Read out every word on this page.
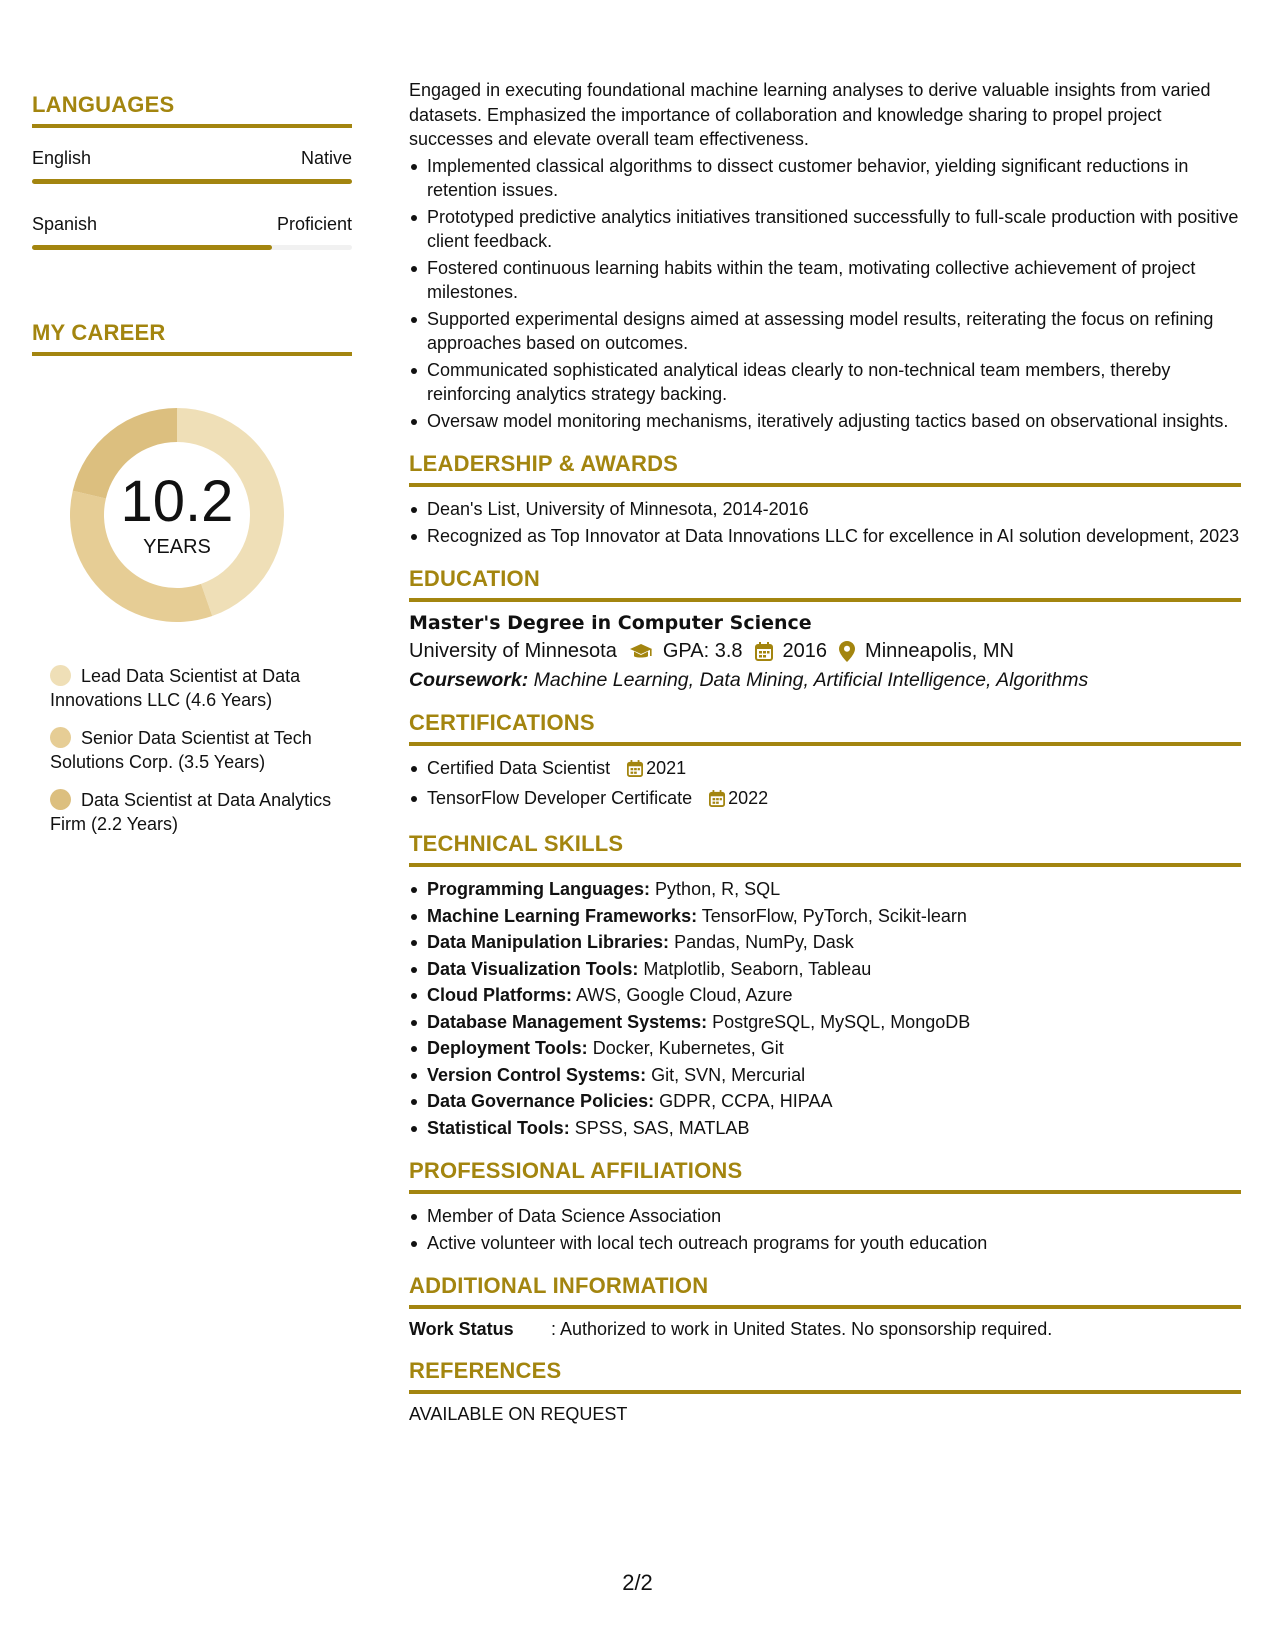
LANGUAGES
English	Native
Spanish	Proficient
MY CAREER
10.2
YEARS
Lead Data Scientist at Data Innovations LLC (4.6 Years)
Senior Data Scientist at Tech Solutions Corp. (3.5 Years)
Data Scientist at Data Analytics Firm (2.2 Years)

Engaged in executing foundational machine learning analyses to derive valuable insights from varied datasets. Emphasized the importance of collaboration and knowledge sharing to propel project successes and elevate overall team effectiveness.

Implemented classical algorithms to dissect customer behavior, yielding significant reductions in retention issues.
Prototyped predictive analytics initiatives transitioned successfully to full-scale production with positive client feedback.
Fostered continuous learning habits within the team, motivating collective achievement of project milestones.
Supported experimental designs aimed at assessing model results, reiterating the focus on refining approaches based on outcomes.
Communicated sophisticated analytical ideas clearly to non-technical team members, thereby reinforcing analytics strategy backing.
Oversaw model monitoring mechanisms, iteratively adjusting tactics based on observational insights.
LEADERSHIP & AWARDS
Dean's List, University of Minnesota, 2014-2016
Recognized as Top Innovator at Data Innovations LLC for excellence in AI solution development, 2023
EDUCATION
Master's Degree in Computer Science
University of Minnesota GPA: 3.8 2016 Minneapolis, MN
Coursework: Machine Learning, Data Mining, Artificial Intelligence, Algorithms
CERTIFICATIONS
Certified Data Scientist 2021
TensorFlow Developer Certificate 2022
TECHNICAL SKILLS
Programming Languages: Python, R, SQL
Machine Learning Frameworks: TensorFlow, PyTorch, Scikit-learn
Data Manipulation Libraries: Pandas, NumPy, Dask
Data Visualization Tools: Matplotlib, Seaborn, Tableau
Cloud Platforms: AWS, Google Cloud, Azure
Database Management Systems: PostgreSQL, MySQL, MongoDB
Deployment Tools: Docker, Kubernetes, Git
Version Control Systems: Git, SVN, Mercurial
Data Governance Policies: GDPR, CCPA, HIPAA
Statistical Tools: SPSS, SAS, MATLAB
PROFESSIONAL AFFILIATIONS
Member of Data Science Association
Active volunteer with local tech outreach programs for youth education
ADDITIONAL INFORMATION
Work Status	: Authorized to work in United States. No sponsorship required.
REFERENCES
AVAILABLE ON REQUEST
2/2
